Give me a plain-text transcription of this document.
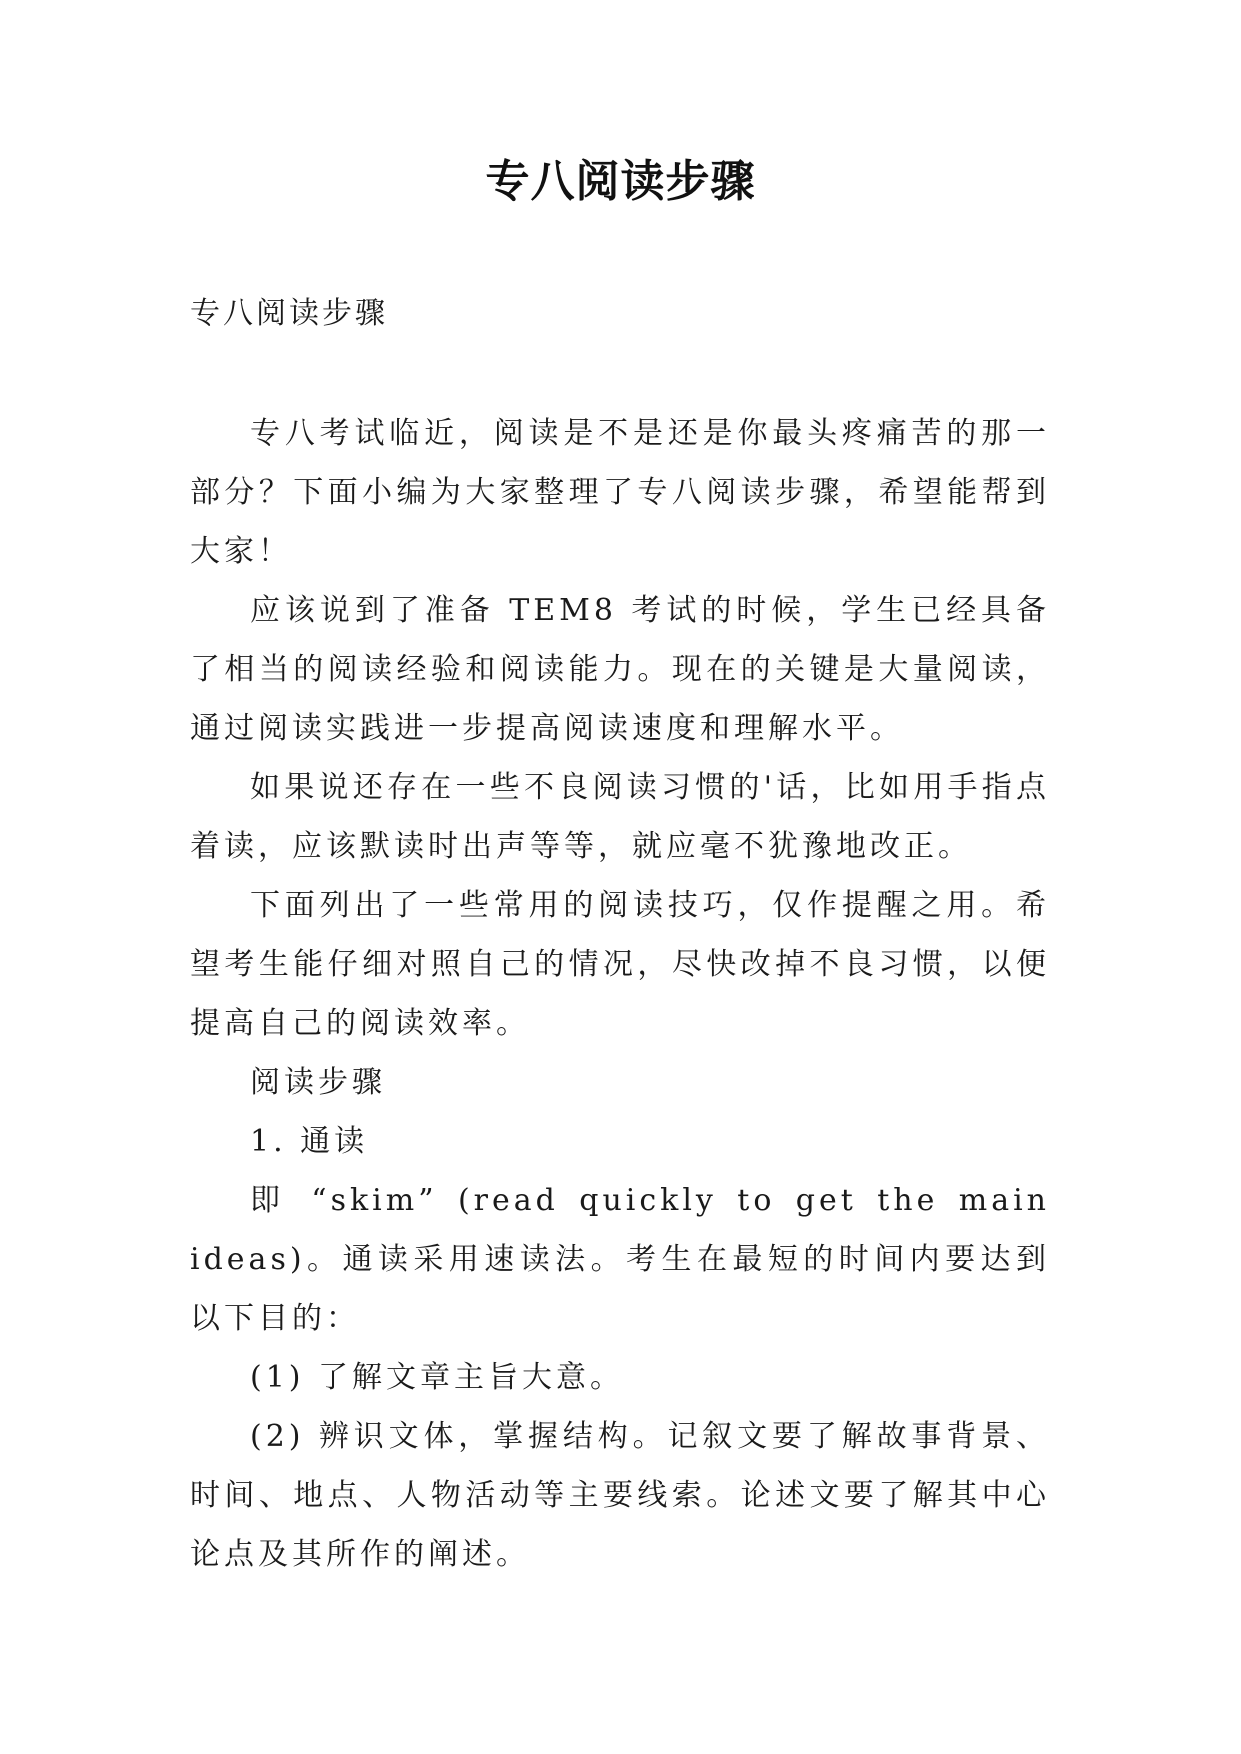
专八阅读步骤
专八阅读步骤

专八考试临近，阅读是不是还是你最头疼痛苦的那一部分？下面小编为大家整理了专八阅读步骤，希望能帮到大家！

应该说到了准备 TEM8 考试的时候，学生已经具备了相当的阅读经验和阅读能力。现在的关键是大量阅读，通过阅读实践进一步提高阅读速度和理解水平。

如果说还存在一些不良阅读习惯的'话，比如用手指点着读，应该默读时出声等等，就应毫不犹豫地改正。

下面列出了一些常用的阅读技巧，仅作提醒之用。希望考生能仔细对照自己的情况，尽快改掉不良习惯，以便提高自己的阅读效率。

阅读步骤

1. 通读

即 “skim” (read quickly to get the main ideas)。通读采用速读法。考生在最短的时间内要达到以下目的：

(1) 了解文章主旨大意。

(2) 辨识文体，掌握结构。记叙文要了解故事背景、时间、地点、人物活动等主要线索。论述文要了解其中心论点及其所作的阐述。
